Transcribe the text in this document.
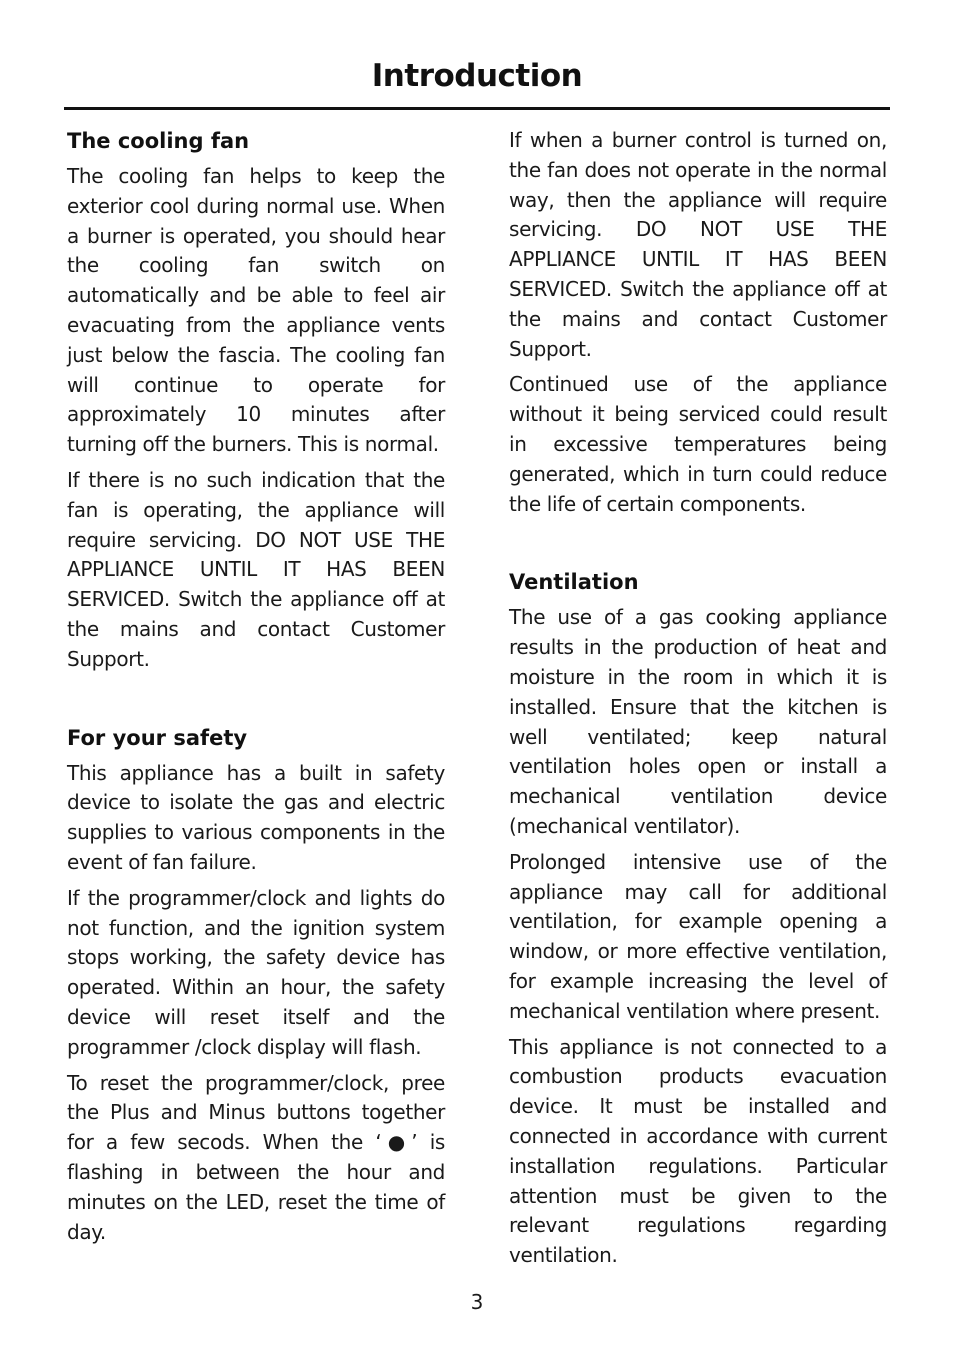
Introduction
The cooling fan

The cooling fan helps to keep the exterior cool during normal use. When a burner is operated, you should hear the cooling fan switch on automatically and be able to feel air evacuating from the appliance vents just below the fascia. The cooling fan will continue to operate for approximately 10 minutes after turning off the burners. This is normal.

If there is no such indication that the fan is operating, the appliance will require servicing. DO NOT USE THE APPLIANCE UNTIL IT HAS BEEN SERVICED. Switch the appliance off at the mains and contact Customer Support.

For your safety

This appliance has a built in safety device to isolate the gas and electric supplies to various components in the event of fan failure.

If the programmer/clock and lights do not function, and the ignition system stops working, the safety device has operated. Within an hour, the safety device will reset itself and the programmer /clock display will flash.

To reset the programmer/clock, pree the Plus and Minus buttons together for a few secods. When the ‘●’ is flashing in between the hour and minutes on the LED, reset the time of day.

If when a burner control is turned on, the fan does not operate in the normal way, then the appliance will require servicing. DO NOT USE THE APPLIANCE UNTIL IT HAS BEEN SERVICED. Switch the appliance off at the mains and contact Customer Support.

Continued use of the appliance without it being serviced could result in excessive temperatures being generated, which in turn could reduce the life of certain components.

Ventilation

The use of a gas cooking appliance results in the production of heat and moisture in the room in which it is installed. Ensure that the kitchen is well ventilated; keep natural ventilation holes open or install a mechanical ventilation device (mechanical ventilator).

Prolonged intensive use of the appliance may call for additional ventilation, for example opening a window, or more effective ventilation, for example increasing the level of mechanical ventilation where present.

This appliance is not connected to a combustion products evacuation device. It must be installed and connected in accordance with current installation regulations. Particular attention must be given to the relevant regulations regarding ventilation.

3
